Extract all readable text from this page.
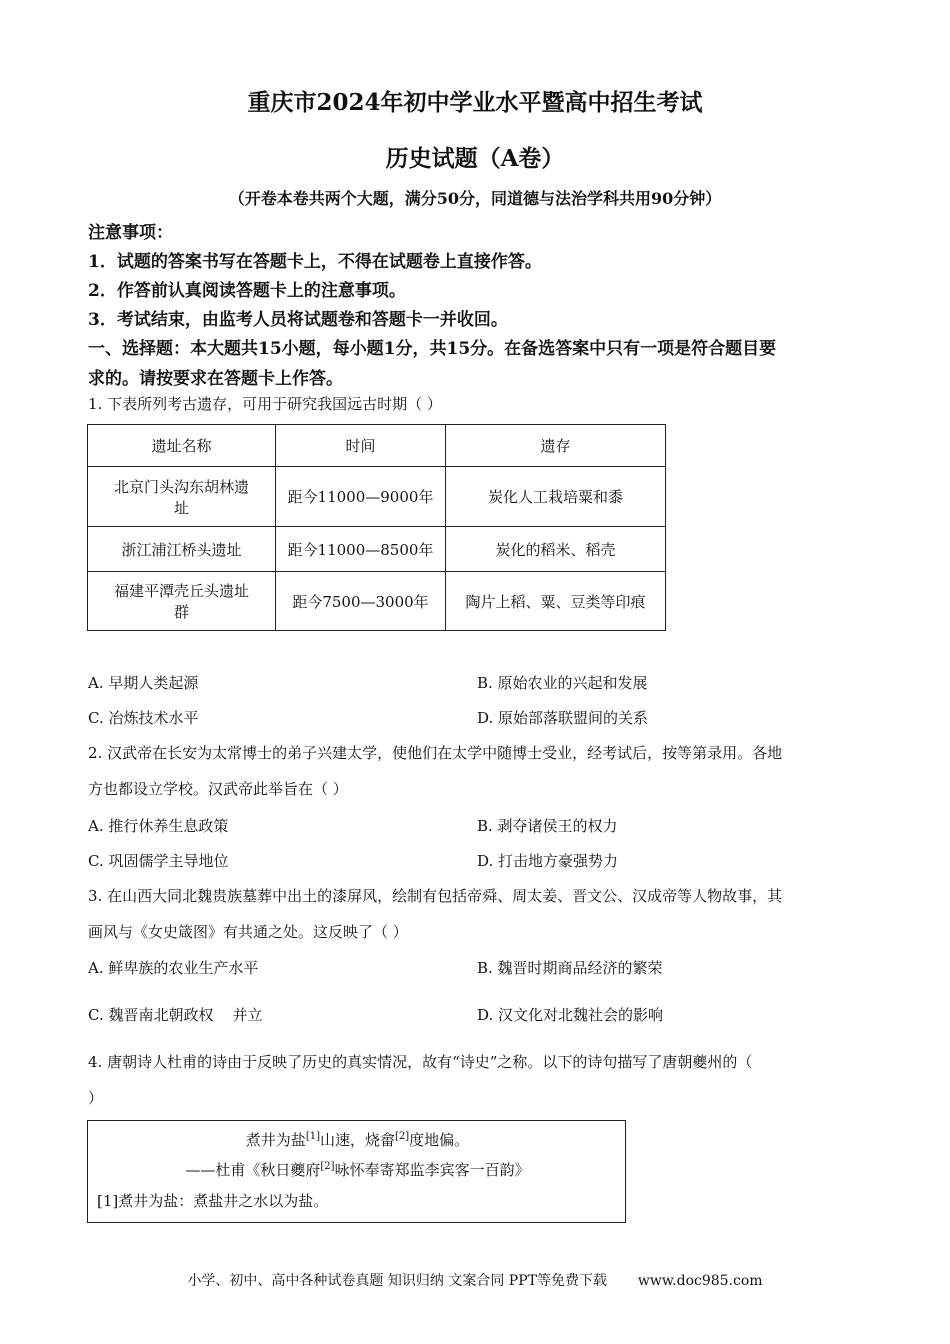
重庆市2024年初中学业水平暨高中招生考试
历史试题（A卷）
（开卷本卷共两个大题，满分50分，同道德与法治学科共用90分钟）
注意事项：
1．试题的答案书写在答题卡上，不得在试题卷上直接作答。
2．作答前认真阅读答题卡上的注意事项。
3．考试结束，由监考人员将试题卷和答题卡一并收回。
一、选择题：本大题共15小题，每小题1分，共15分。在备选答案中只有一项是符合题目要
求的。请按要求在答题卡上作答。
1. 下表所列考古遗存，可用于研究我国远古时期（ ）
遗址名称	时间	遗存

北京门头沟东胡林遗
址	距今11000—9000年	炭化人工栽培粟和黍

浙江浦江桥头遗址	距今11000—8500年	炭化的稻米、稻壳

福建平潭壳丘头遗址
群	距今7500—3000年	陶片上稻、粟、豆类等印痕
A. 早期人类起源	B. 原始农业的兴起和发展
C. 冶炼技术水平	D. 原始部落联盟间的关系
2. 汉武帝在长安为太常博士的弟子兴建太学，使他们在太学中随博士受业，经考试后，按等第录用。各地
方也都设立学校。汉武帝此举旨在（ ）
A. 推行休养生息政策	B. 剥夺诸侯王的权力
C. 巩固儒学主导地位	D. 打击地方豪强势力
3. 在山西大同北魏贵族墓葬中出土的漆屏风，绘制有包括帝舜、周太姜、晋文公、汉成帝等人物故事，其
画风与《女史箴图》有共通之处。这反映了（ ）
A. 鲜卑族的农业生产水平	B. 魏晋时期商品经济的繁荣
C. 魏晋南北朝政权    并立	D. 汉文化对北魏社会的影响
4. 唐朝诗人杜甫的诗由于反映了历史的真实情况，故有“诗史”之称。以下的诗句描写了唐朝夔州的（
）
煮井为盐[1]山速，烧畲[2]度地偏。
——杜甫《秋日夔府[2]咏怀奉寄郑监李宾客一百韵》
[1]煮井为盐：煮盐井之水以为盐。
小学、初中、高中各种试卷真题 知识归纳 文案合同 PPT等免费下载 www.doc985.com
